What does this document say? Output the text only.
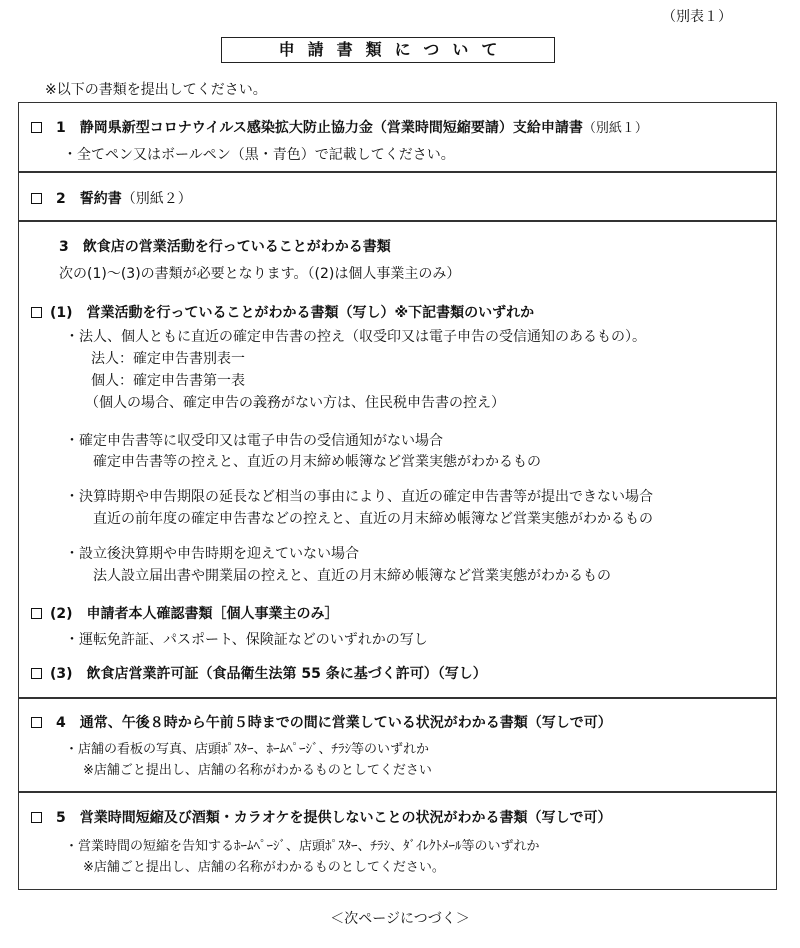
（別表１）
申請書類について
※以下の書類を提出してください。
1　 静岡県新型コロナウイルス感染拡大防止協力金（営業時間短縮要請）支給申請書（別紙１）
・全てペン又はボールペン（黒・青色）で記載してください。
2　 誓約書（別紙２）
3　 飲食店の営業活動を行っていることがわかる書類
次の(1)～(3)の書類が必要となります。（(2)は個人事業主のみ）
(1)　 営業活動を行っていることがわかる書類（写し）※下記書類のいずれか
・法人、個人ともに直近の確定申告書の控え（収受印又は電子申告の受信通知のあるもの）。
法人：確定申告書別表一
個人：確定申告書第一表
（個人の場合、確定申告の義務がない方は、住民税申告書の控え）
・確定申告書等に収受印又は電子申告の受信通知がない場合
確定申告書等の控えと、直近の月末締め帳簿など営業実態がわかるもの
・決算時期や申告期限の延長など相当の事由により、直近の確定申告書等が提出できない場合
直近の前年度の確定申告書などの控えと、直近の月末締め帳簿など営業実態がわかるもの
・設立後決算期や申告時期を迎えていない場合
法人設立届出書や開業届の控えと、直近の月末締め帳簿など営業実態がわかるもの
(2)　 申請者本人確認書類［個人事業主のみ］
・運転免許証、パスポート、保険証などのいずれかの写し
(3)　 飲食店営業許可証（食品衛生法第 55 条に基づく許可）（写し）
4　 通常、午後８時から午前５時までの間に営業している状況がわかる書類（写しで可）
・店舗の看板の写真、店頭ﾎﾟｽﾀｰ、ﾎｰﾑﾍﾟｰｼﾞ、ﾁﾗｼ等のいずれか
※店舗ごと提出し、店舗の名称がわかるものとしてください
5　 営業時間短縮及び酒類・カラオケを提供しないことの状況がわかる書類（写しで可）
・営業時間の短縮を告知するﾎｰﾑﾍﾟｰｼﾞ、店頭ﾎﾟｽﾀｰ、ﾁﾗｼ、ﾀﾞｲﾚｸﾄﾒｰﾙ等のいずれか
※店舗ごと提出し、店舗の名称がわかるものとしてください。
＜次ページにつづく＞
